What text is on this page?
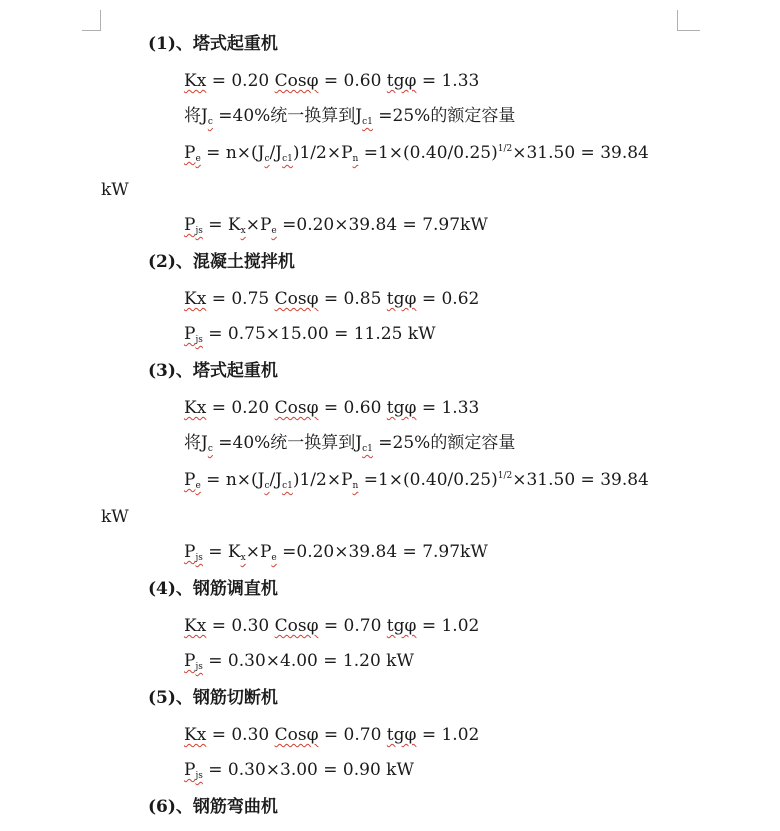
(1)、塔式起重机
Kx = 0.20 Cosφ = 0.60 tgφ = 1.33
将$J_c =40\%$统一换算到$J_{c1} =25\%$的额定容量
$P_e = n\times(J_c/J_{c1})1/2\times P_n =1\times(0.40/0.25)^{1/2}\times 31.50 = 39.84$
kW
$P_{js} = K_x\times P_e =0.20\times 39.84 = 7.97kW$
(2)、混凝土搅拌机
Kx = 0.75 Cosφ = 0.85 tgφ = 0.62
$P_{js} = 0.75\times 15.00 = 11.25$ kW
(3)、塔式起重机
Kx = 0.20 Cosφ = 0.60 tgφ = 1.33
将$J_c =40\%$统一换算到$J_{c1} =25\%$的额定容量
$P_e = n\times(J_c/J_{c1})1/2\times P_n =1\times(0.40/0.25)^{1/2}\times 31.50 = 39.84$
kW
$P_{js} = K_x\times P_e =0.20\times 39.84 = 7.97kW$
(4)、钢筋调直机
Kx = 0.30 Cosφ = 0.70 tgφ = 1.02
$P_{js} = 0.30\times 4.00 = 1.20$ kW
(5)、钢筋切断机
Kx = 0.30 Cosφ = 0.70 tgφ = 1.02
$P_{js} = 0.30\times 3.00 = 0.90$ kW
(6)、钢筋弯曲机
